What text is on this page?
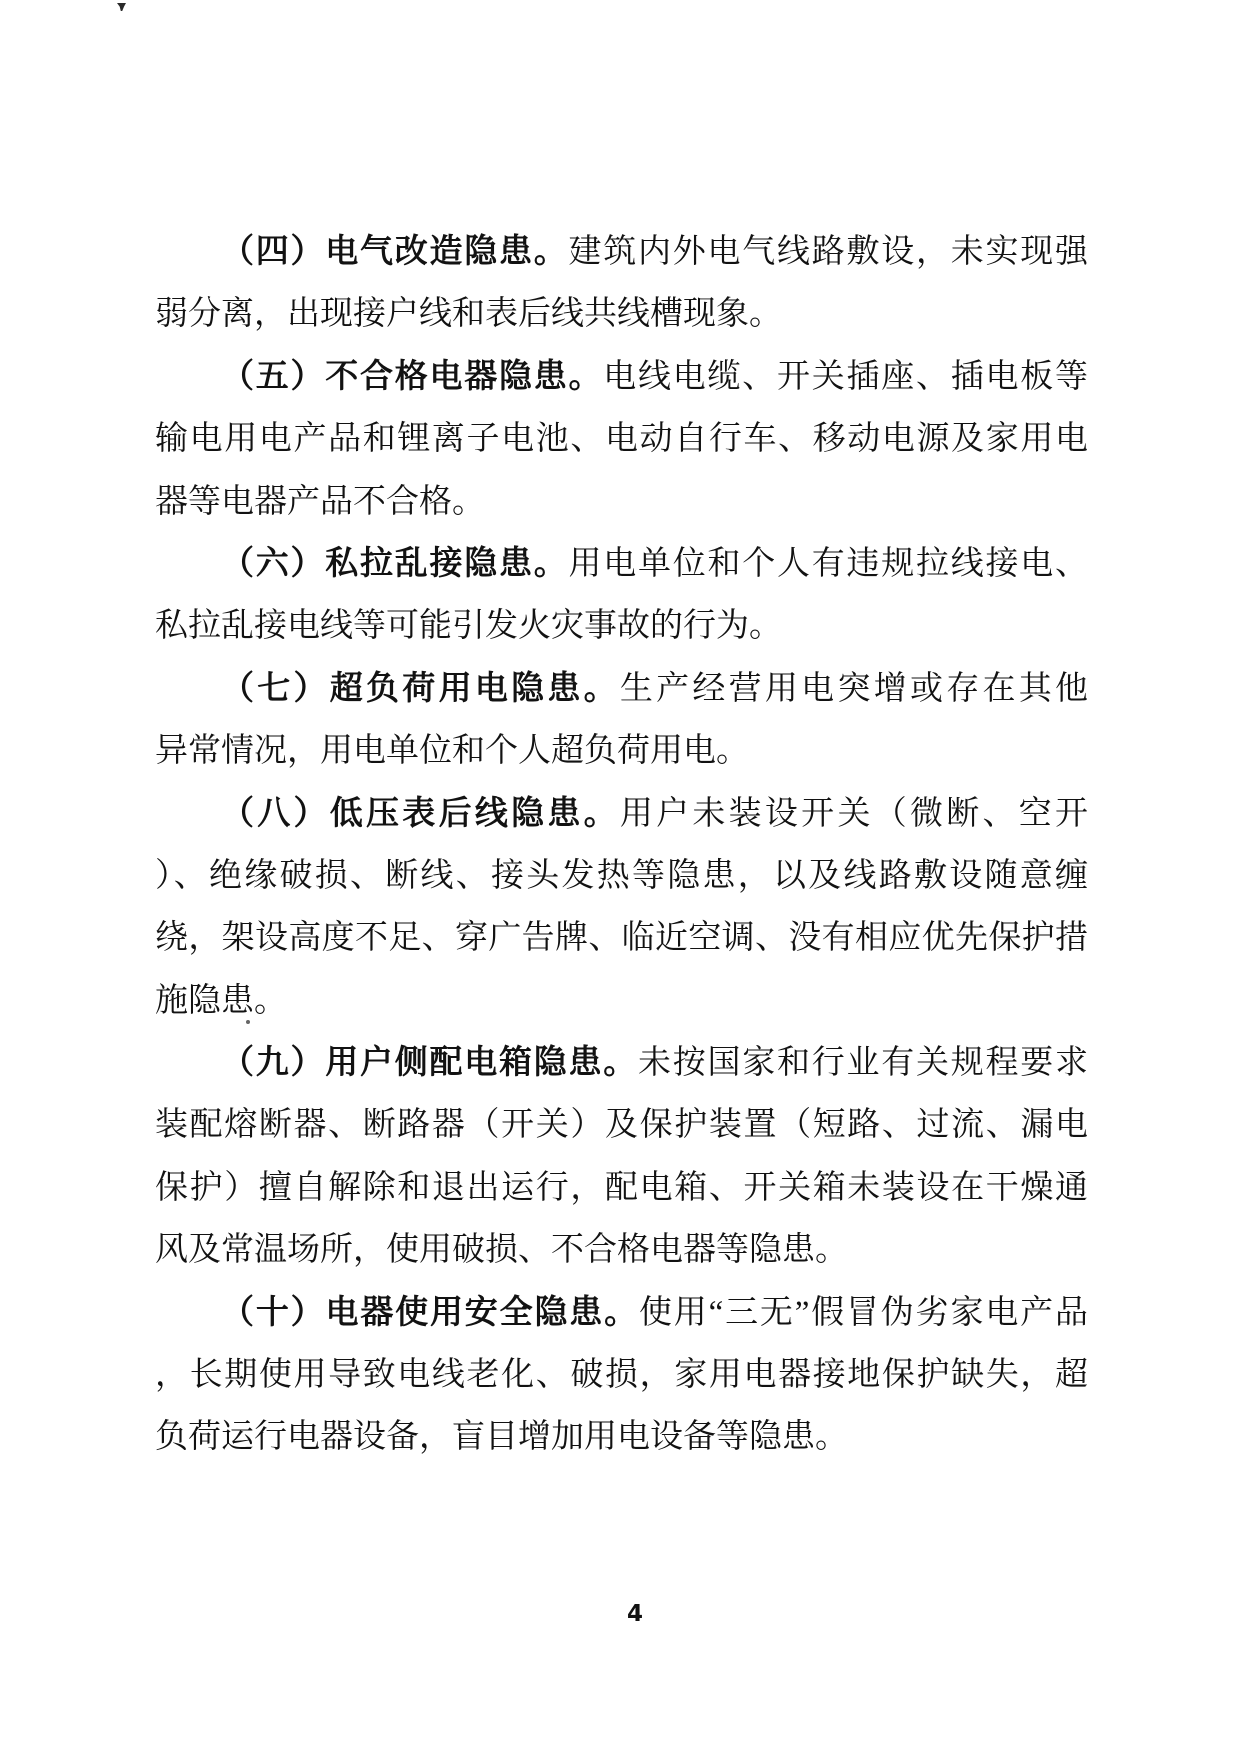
（四）电气改造隐患。建筑内外电气线路敷设，未实现强
弱分离，出现接户线和表后线共线槽现象。
（五）不合格电器隐患。电线电缆、开关插座、插电板等
输电用电产品和锂离子电池、电动自行车、移动电源及家用电
器等电器产品不合格。
（六）私拉乱接隐患。用电单位和个人有违规拉线接电、
私拉乱接电线等可能引发火灾事故的行为。
（七）超负荷用电隐患。生产经营用电突增或存在其他
异常情况，用电单位和个人超负荷用电。
（八）低压表后线隐患。用户未装设开关（微断、空开
）、绝缘破损、断线、接头发热等隐患，以及线路敷设随意缠
绕，架设高度不足、穿广告牌、临近空调、没有相应优先保护措
施隐患。
（九）用户侧配电箱隐患。未按国家和行业有关规程要求
装配熔断器、断路器（开关）及保护装置（短路、过流、漏电
保护）擅自解除和退出运行，配电箱、开关箱未装设在干燥通
风及常温场所，使用破损、不合格电器等隐患。
（十）电器使用安全隐患。使用“三无”假冒伪劣家电产品
，长期使用导致电线老化、破损，家用电器接地保护缺失，超
负荷运行电器设备，盲目增加用电设备等隐患。
4
